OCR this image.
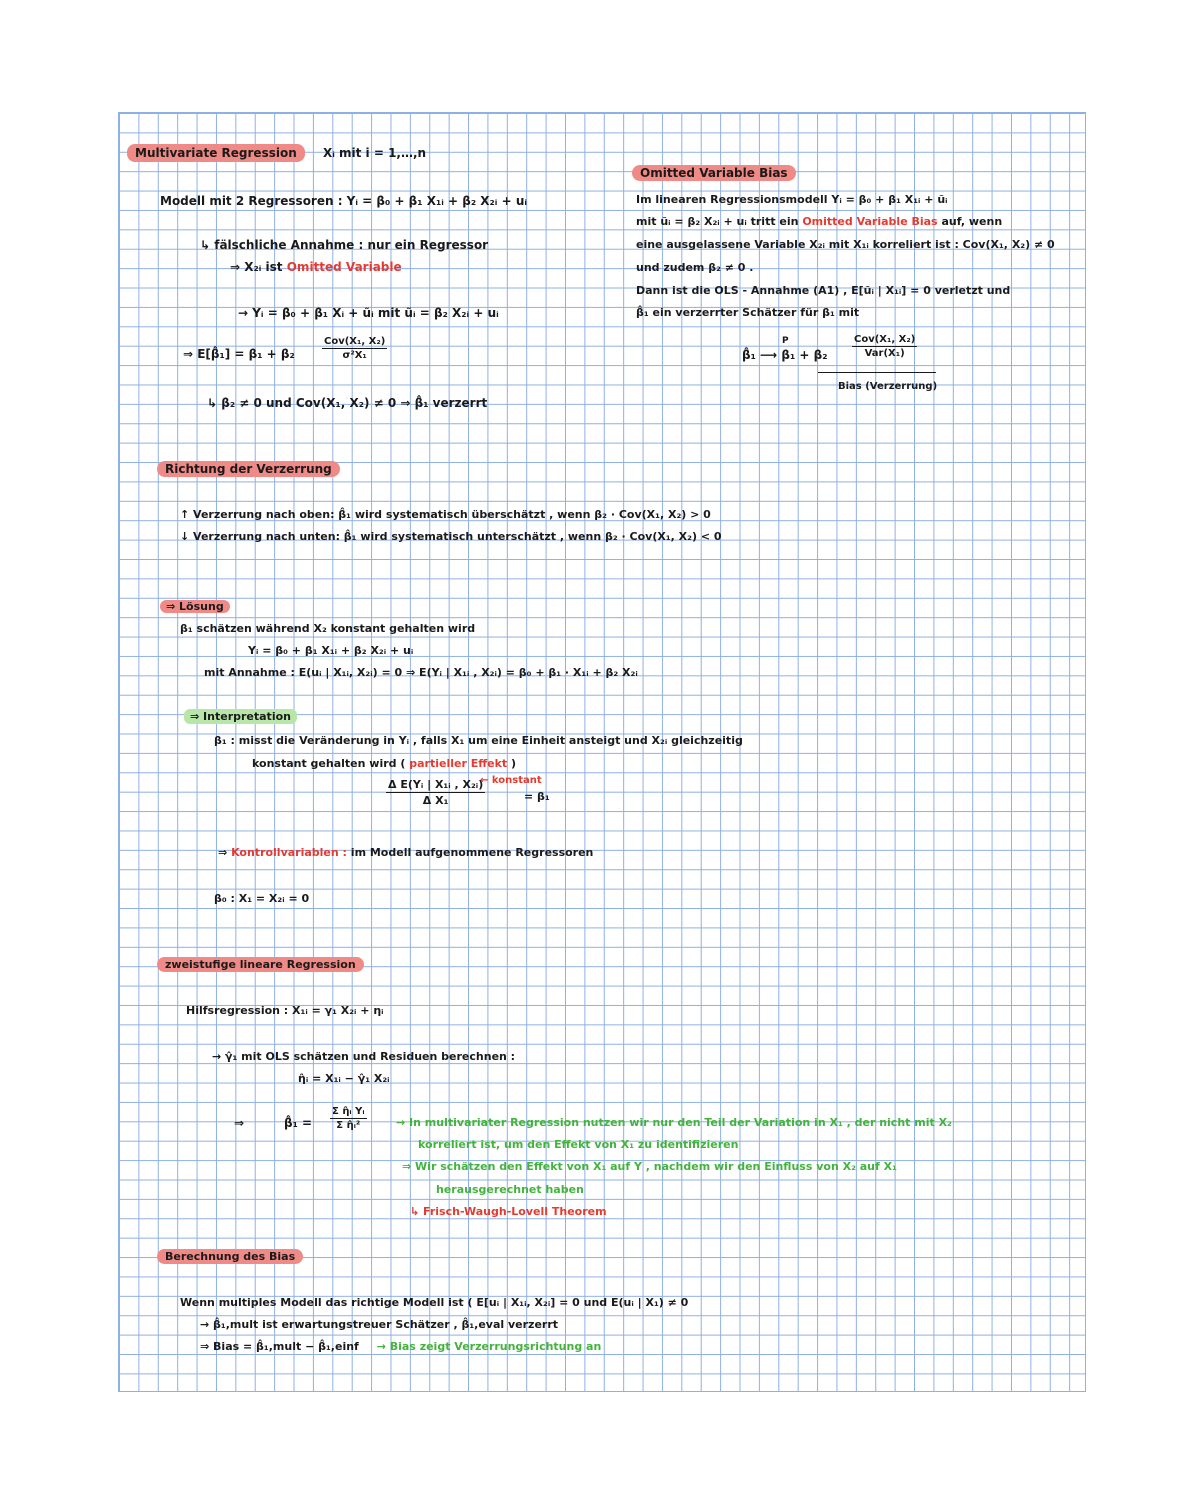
Multivariate Regression Xᵢ mit i = 1,…,n
Modell mit 2 Regressoren : Yᵢ = β₀ + β₁ X₁ᵢ + β₂ X₂ᵢ + uᵢ
↳ fälschliche Annahme : nur ein Regressor
⇒ X₂ᵢ ist Omitted Variable
→ Yᵢ = β₀ + β₁ Xᵢ + ũᵢ mit ũᵢ = β₂ X₂ᵢ + uᵢ
⇒ E[β̂₁] = β₁ + β₂
Cov(X₁, X₂)
σ²X₁
↳ β₂ ≠ 0 und Cov(X₁, X₂) ≠ 0 ⇒ β̂₁ verzerrt
Omitted Variable Bias
Im linearen Regressionsmodell Yᵢ = β₀ + β₁ X₁ᵢ + ũᵢ
mit ũᵢ = β₂ X₂ᵢ + uᵢ tritt ein Omitted Variable Bias auf, wenn
eine ausgelassene Variable X₂ᵢ mit X₁ᵢ korreliert ist : Cov(X₁, X₂) ≠ 0
und zudem β₂ ≠ 0 .
Dann ist die OLS - Annahme (A1) , E[ũᵢ | X₁ᵢ] = 0 verletzt und
β̂₁ ein verzerrter Schätzer für β₁ mit
β̂₁ ⟶ β₁ + β₂
P	Cov(X₁, X₂)
Var(X₁)
Bias (Verzerrung)
Richtung der Verzerrung
↑ Verzerrung nach oben: β̂₁ wird systematisch überschätzt , wenn β₂ · Cov(X₁, X₂) > 0
↓ Verzerrung nach unten: β̂₁ wird systematisch unterschätzt , wenn β₂ · Cov(X₁, X₂) < 0
⇒ Lösung
β₁ schätzen während X₂ konstant gehalten wird
Yᵢ = β₀ + β₁ X₁ᵢ + β₂ X₂ᵢ + uᵢ
mit Annahme : E(uᵢ | X₁ᵢ, X₂ᵢ) = 0 ⇒ E(Yᵢ | X₁ᵢ , X₂ᵢ) = β₀ + β₁ · X₁ᵢ + β₂ X₂ᵢ
⇒ Interpretation
β₁ : misst die Veränderung in Yᵢ , falls X₁ um eine Einheit ansteigt und X₂ᵢ gleichzeitig
konstant gehalten wird ( partieller Effekt )
$\frac{\text{Δ E(Yᵢ | X₁ᵢ , X₂ᵢ)}}{\text{Δ X₁}}$	= β₁
← konstant
⇒ Kontrollvariablen : im Modell aufgenommene Regressoren
β₀ : X₁ = X₂ᵢ = 0
zweistufige lineare Regression
Hilfsregression : X₁ᵢ = γ₁ X₂ᵢ + ηᵢ
→ γ̂₁ mit OLS schätzen und Residuen berechnen :
η̂ᵢ = X₁ᵢ − γ̂₁ X₂ᵢ
⇒	β̂₁ = $\frac{\text{Σ η̂ᵢ Yᵢ}}{\text{Σ η̂ᵢ²}}$	→ In multivariater Regression nutzen wir nur den Teil der Variation in X₁ , der nicht mit X₂
korreliert ist, um den Effekt von X₁ zu identifizieren
⇒ Wir schätzen den Effekt von X₁ auf Y , nachdem wir den Einfluss von X₂ auf X₁
herausgerechnet haben
↳ Frisch-Waugh-Lovell Theorem
Berechnung des Bias
Wenn multiples Modell das richtige Modell ist ( E[uᵢ | X₁ᵢ, X₂ᵢ] = 0 und E(uᵢ | X₁) ≠ 0
→ β̂₁,mult ist erwartungstreuer Schätzer , β̂₁,eval verzerrt
⇒ Bias = β̂₁,mult − β̂₁,einf → Bias zeigt Verzerrungsrichtung an
